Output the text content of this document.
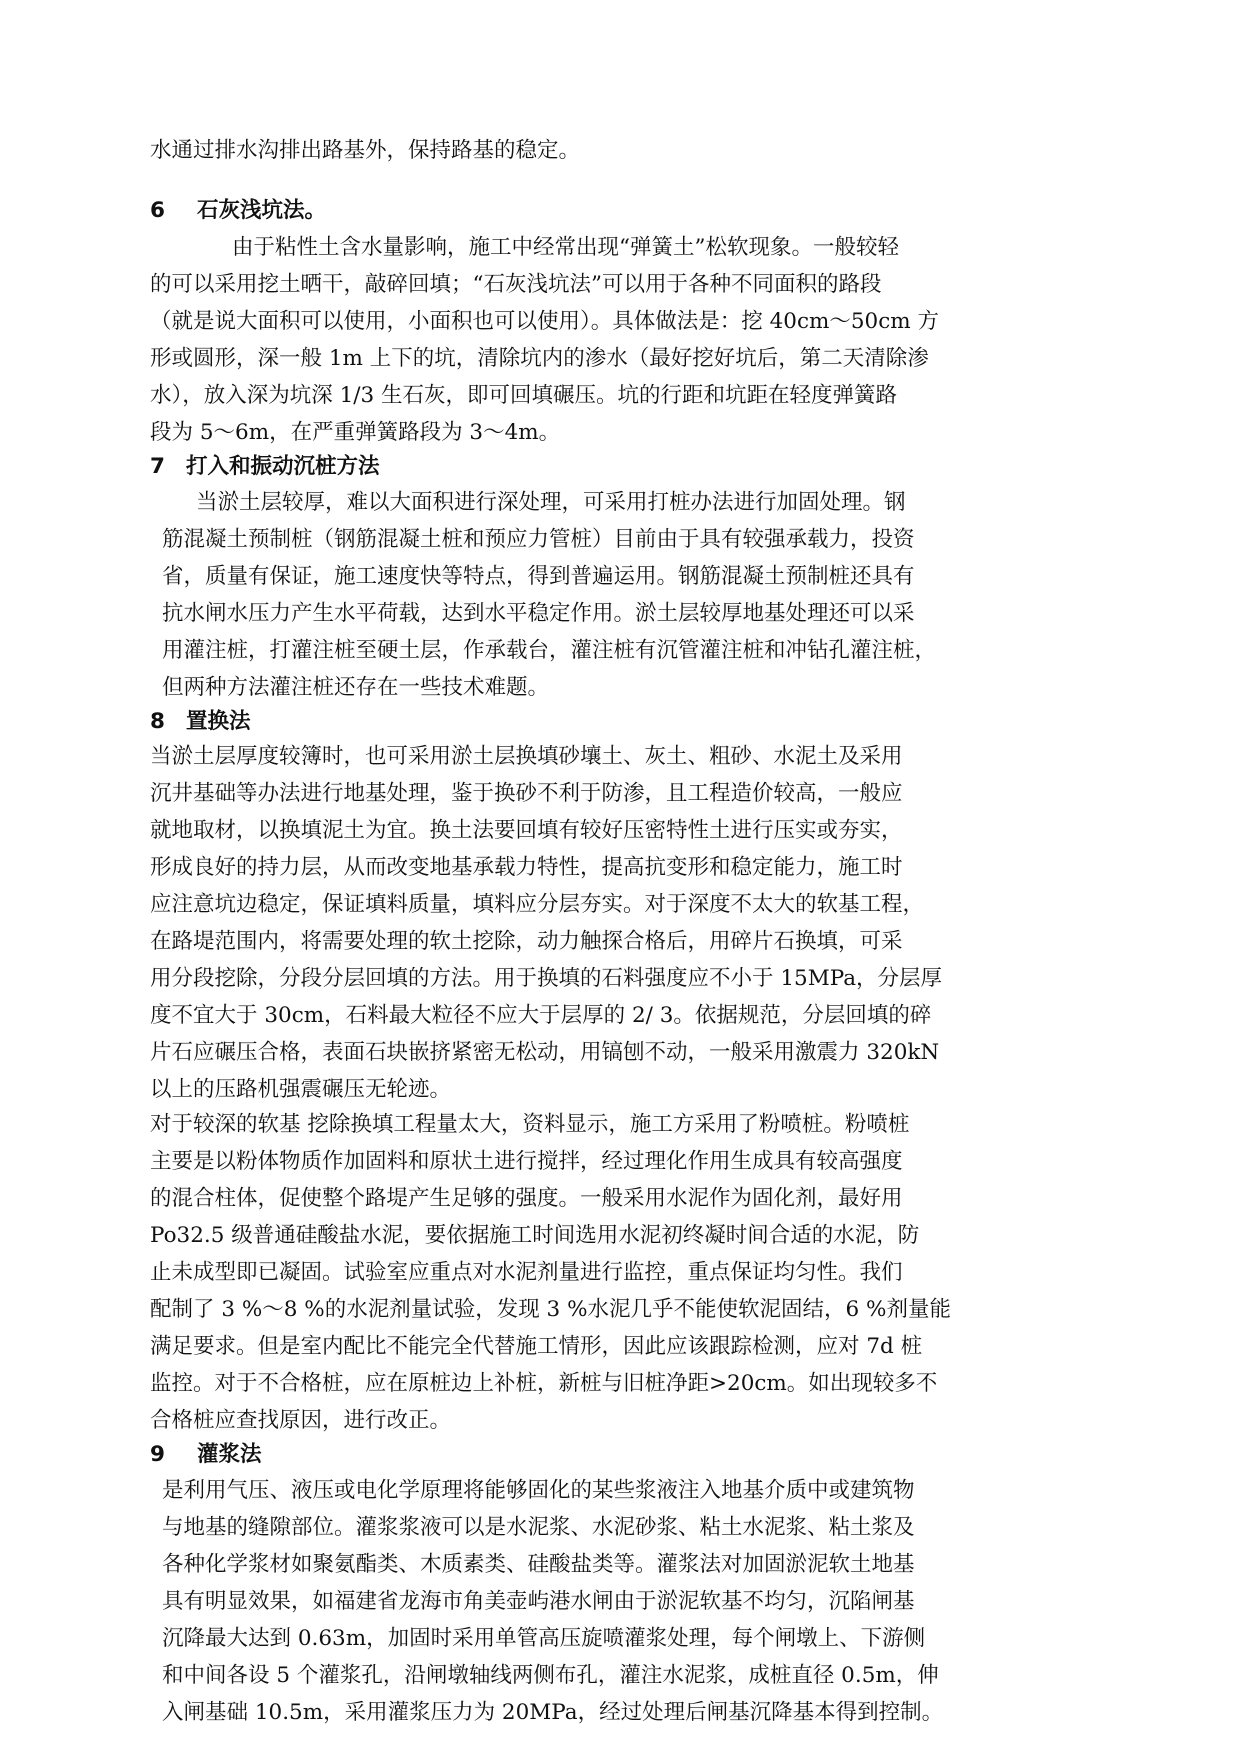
水通过排水沟排出路基外，保持路基的稳定。
6 石灰浅坑法。
由于粘性土含水量影响，施工中经常出现“弹簧土”松软现象。一般较轻
的可以采用挖土晒干，敲碎回填；“石灰浅坑法”可以用于各种不同面积的路段
（就是说大面积可以使用，小面积也可以使用）。具体做法是：挖 40cm～50cm 方
形或圆形，深一般 1m 上下的坑，清除坑内的渗水（最好挖好坑后，第二天清除渗
水），放入深为坑深 1/3 生石灰，即可回填碾压。坑的行距和坑距在轻度弹簧路
段为 5～6m，在严重弹簧路段为 3～4m。
7 打入和振动沉桩方法
当淤土层较厚，难以大面积进行深处理，可采用打桩办法进行加固处理。钢
筋混凝土预制桩（钢筋混凝土桩和预应力管桩）目前由于具有较强承载力，投资
省，质量有保证，施工速度快等特点，得到普遍运用。钢筋混凝土预制桩还具有
抗水闸水压力产生水平荷载，达到水平稳定作用。淤土层较厚地基处理还可以采
用灌注桩，打灌注桩至硬土层，作承载台，灌注桩有沉管灌注桩和冲钻孔灌注桩，
但两种方法灌注桩还存在一些技术难题。
8 置换法
当淤土层厚度较簿时，也可采用淤土层换填砂壤土、灰土、粗砂、水泥土及采用
沉井基础等办法进行地基处理，鉴于换砂不利于防渗，且工程造价较高，一般应
就地取材，以换填泥土为宜。换土法要回填有较好压密特性土进行压实或夯实，
形成良好的持力层，从而改变地基承载力特性，提高抗变形和稳定能力，施工时
应注意坑边稳定，保证填料质量，填料应分层夯实。对于深度不太大的软基工程，
在路堤范围内，将需要处理的软土挖除，动力触探合格后，用碎片石换填，可采
用分段挖除，分段分层回填的方法。用于换填的石料强度应不小于 15MPa，分层厚
度不宜大于 30cm，石料最大粒径不应大于层厚的 2/ 3。依据规范，分层回填的碎
片石应碾压合格，表面石块嵌挤紧密无松动，用镐刨不动，一般采用激震力 320kN
以上的压路机强震碾压无轮迹。
对于较深的软基 挖除换填工程量太大，资料显示，施工方采用了粉喷桩。粉喷桩
主要是以粉体物质作加固料和原状土进行搅拌，经过理化作用生成具有较高强度
的混合柱体，促使整个路堤产生足够的强度。一般采用水泥作为固化剂，最好用
Po32.5 级普通硅酸盐水泥，要依据施工时间选用水泥初终凝时间合适的水泥，防
止未成型即已凝固。试验室应重点对水泥剂量进行监控，重点保证均匀性。我们
配制了 3 %～8 %的水泥剂量试验，发现 3 %水泥几乎不能使软泥固结，6 %剂量能
满足要求。但是室内配比不能完全代替施工情形，因此应该跟踪检测，应对 7d 桩
监控。对于不合格桩，应在原桩边上补桩，新桩与旧桩净距>20cm。如出现较多不
合格桩应查找原因，进行改正。
9 灌浆法
是利用气压、液压或电化学原理将能够固化的某些浆液注入地基介质中或建筑物
与地基的缝隙部位。灌浆浆液可以是水泥浆、水泥砂浆、粘土水泥浆、粘土浆及
各种化学浆材如聚氨酯类、木质素类、硅酸盐类等。灌浆法对加固淤泥软土地基
具有明显效果，如福建省龙海市角美壶屿港水闸由于淤泥软基不均匀，沉陷闸基
沉降最大达到 0.63m，加固时采用单管高压旋喷灌浆处理，每个闸墩上、下游侧
和中间各设 5 个灌浆孔，沿闸墩轴线两侧布孔，灌注水泥浆，成桩直径 0.5m，伸
入闸基础 10.5m，采用灌浆压力为 20MPa，经过处理后闸基沉降基本得到控制。
